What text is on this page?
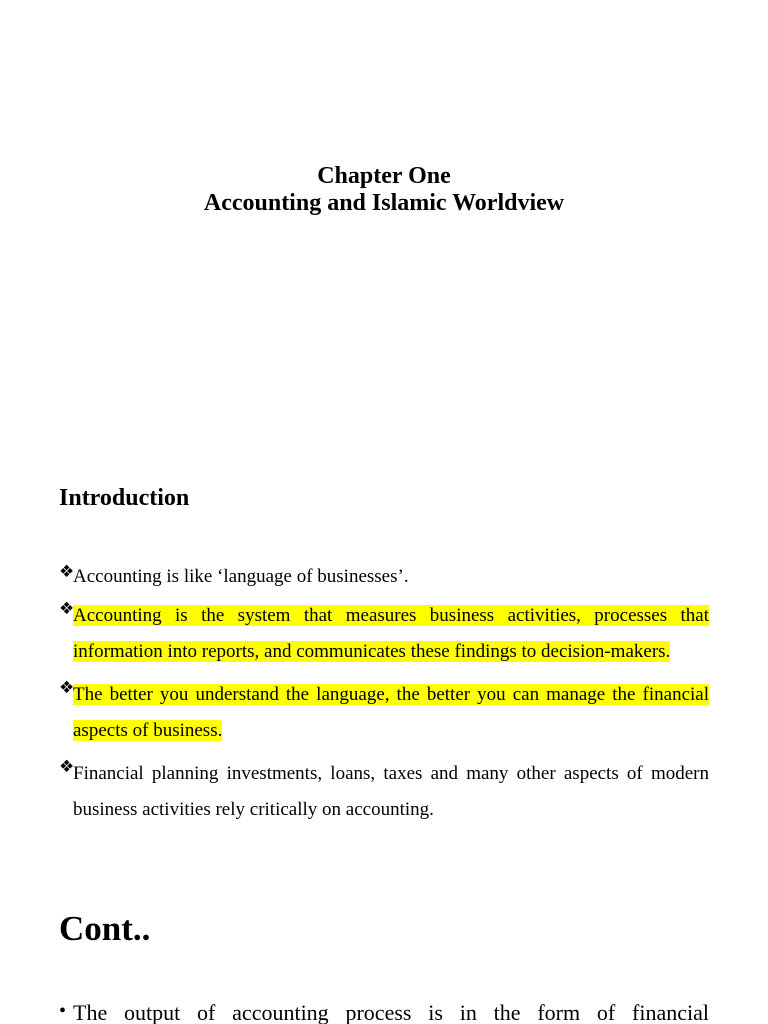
Chapter One
Accounting and Islamic Worldview
Introduction
❖
Accounting is like ‘language of businesses’.
❖
Accounting is the system that measures business activities, processes that information into reports, and communicates these findings to decision-makers.
❖
The better you understand the language, the better you can manage the financial aspects of business.
❖
Financial planning investments, loans, taxes and many other aspects of modern business activities rely critically on accounting.
Cont..
• The output of accounting process is in the form of financial
